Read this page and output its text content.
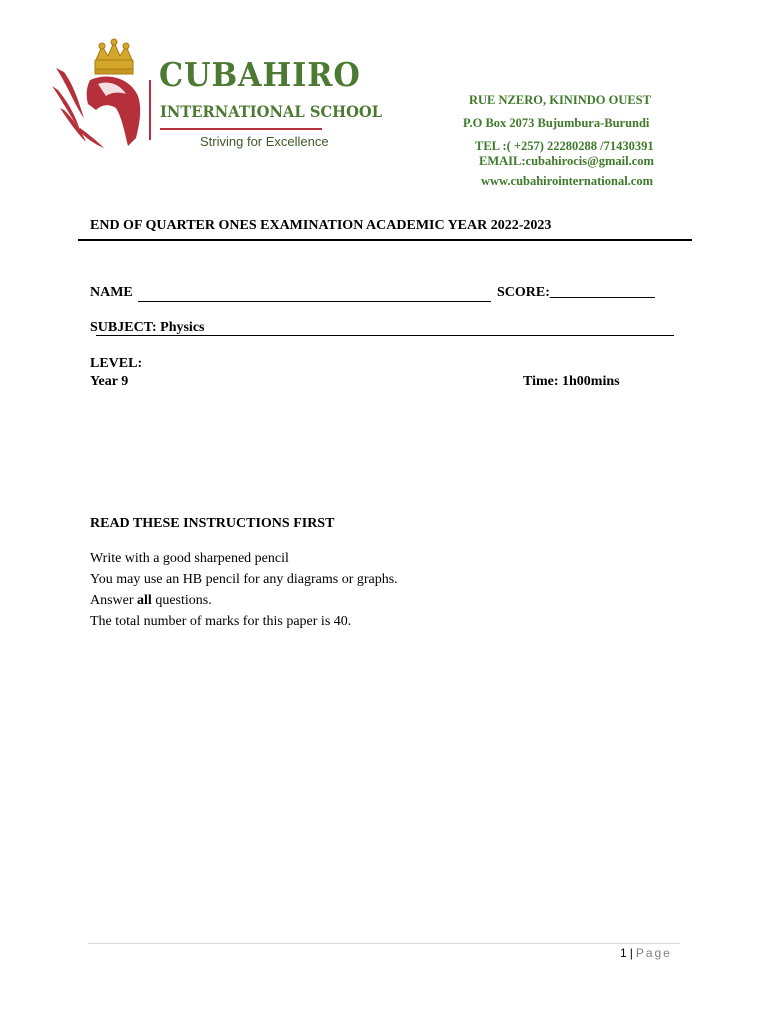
CUBAHIRO
INTERNATIONAL SCHOOL
Striving for Excellence
RUE NZERO, KININDO OUEST
P.O Box 2073 Bujumbura-Burundi
TEL :( +257) 22280288 /71430391
EMAIL:cubahirocis@gmail.com
www.cubahirointernational.com
END OF QUARTER ONES EXAMINATION ACADEMIC YEAR 2022-2023
NAME	SCORE:_______________
SUBJECT: Physics
LEVEL:
Year 9	Time: 1h00mins
READ THESE INSTRUCTIONS FIRST
Write with a good sharpened pencil
You may use an HB pencil for any diagrams or graphs.
Answer all questions.
The total number of marks for this paper is 40.
1 | Page
